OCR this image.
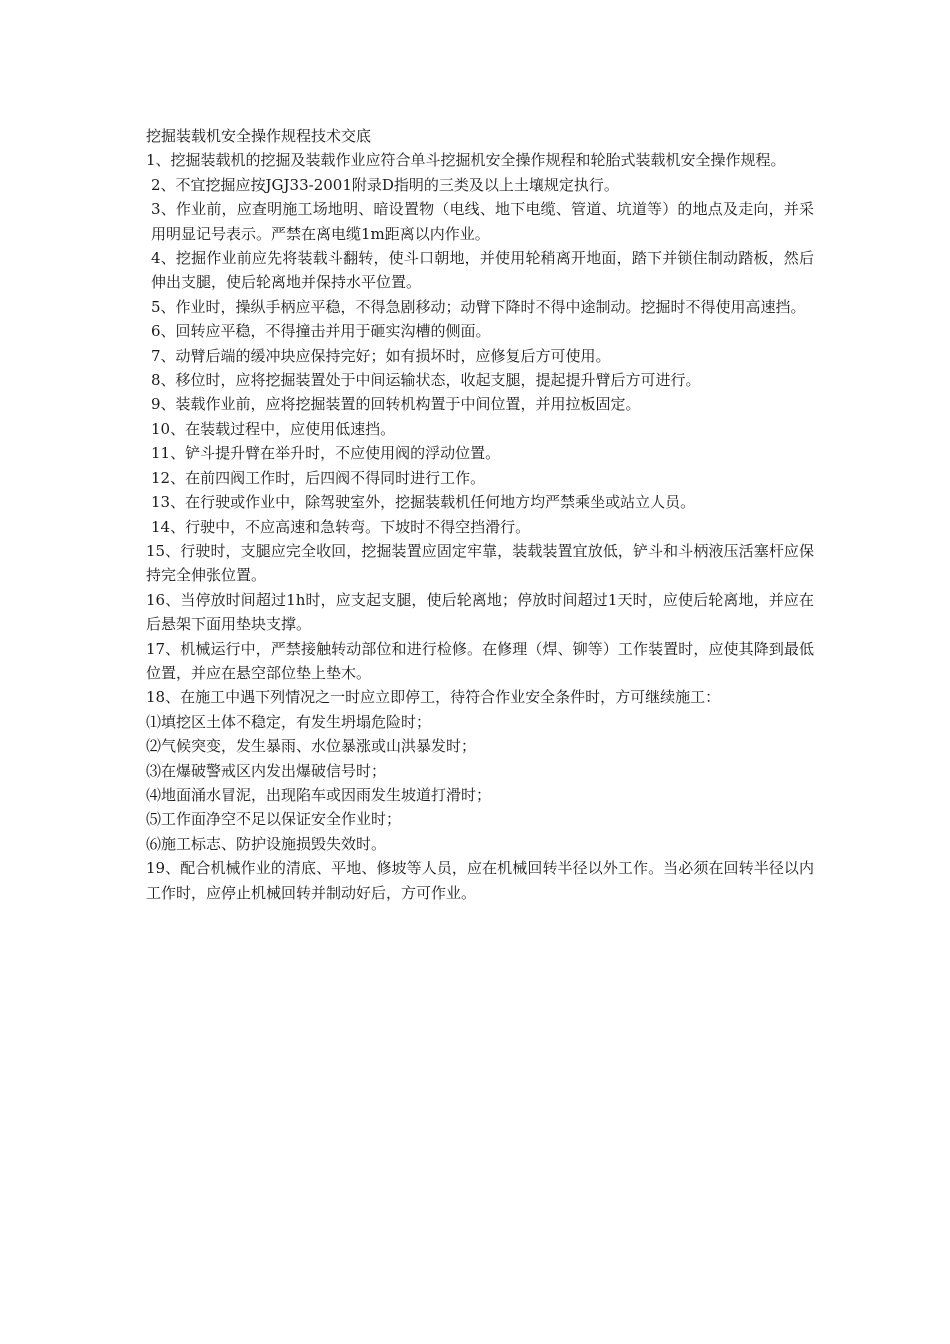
挖掘装载机安全操作规程技术交底

1、挖掘装载机的挖掘及装载作业应符合单斗挖掘机安全操作规程和轮胎式装载机安全操作规程。

2、不宜挖掘应按JGJ33-2001附录D指明的三类及以上土壤规定执行。

3、作业前，应查明施工场地明、暗设置物（电线、地下电缆、管道、坑道等）的地点及走向，并采用明显记号表示。严禁在离电缆1m距离以内作业。

4、挖掘作业前应先将装载斗翻转，使斗口朝地，并使用轮稍离开地面，踏下并锁住制动踏板，然后伸出支腿，使后轮离地并保持水平位置。

5、作业时，操纵手柄应平稳，不得急剧移动；动臂下降时不得中途制动。挖掘时不得使用高速挡。

6、回转应平稳，不得撞击并用于砸实沟槽的侧面。

7、动臂后端的缓冲块应保持完好；如有损坏时，应修复后方可使用。

8、移位时，应将挖掘装置处于中间运输状态，收起支腿，提起提升臂后方可进行。

9、装载作业前，应将挖掘装置的回转机构置于中间位置，并用拉板固定。

10、在装载过程中，应使用低速挡。

11、铲斗提升臂在举升时，不应使用阀的浮动位置。

12、在前四阀工作时，后四阀不得同时进行工作。

13、在行驶或作业中，除驾驶室外，挖掘装载机任何地方均严禁乘坐或站立人员。

14、行驶中，不应高速和急转弯。下坡时不得空挡滑行。

15、行驶时，支腿应完全收回，挖掘装置应固定牢靠，装载装置宜放低，铲斗和斗柄液压活塞杆应保持完全伸张位置。

16、当停放时间超过1h时，应支起支腿，使后轮离地；停放时间超过1天时，应使后轮离地，并应在后悬架下面用垫块支撑。

17、机械运行中，严禁接触转动部位和进行检修。在修理（焊、铆等）工作装置时，应使其降到最低位置，并应在悬空部位垫上垫木。

18、在施工中遇下列情况之一时应立即停工，待符合作业安全条件时，方可继续施工：

⑴填挖区土体不稳定，有发生坍塌危险时；

⑵气候突变，发生暴雨、水位暴涨或山洪暴发时；

⑶在爆破警戒区内发出爆破信号时；

⑷地面涌水冒泥，出现陷车或因雨发生坡道打滑时；

⑸工作面净空不足以保证安全作业时；

⑹施工标志、防护设施损毁失效时。

19、配合机械作业的清底、平地、修坡等人员，应在机械回转半径以外工作。当必须在回转半径以内工作时，应停止机械回转并制动好后，方可作业。
